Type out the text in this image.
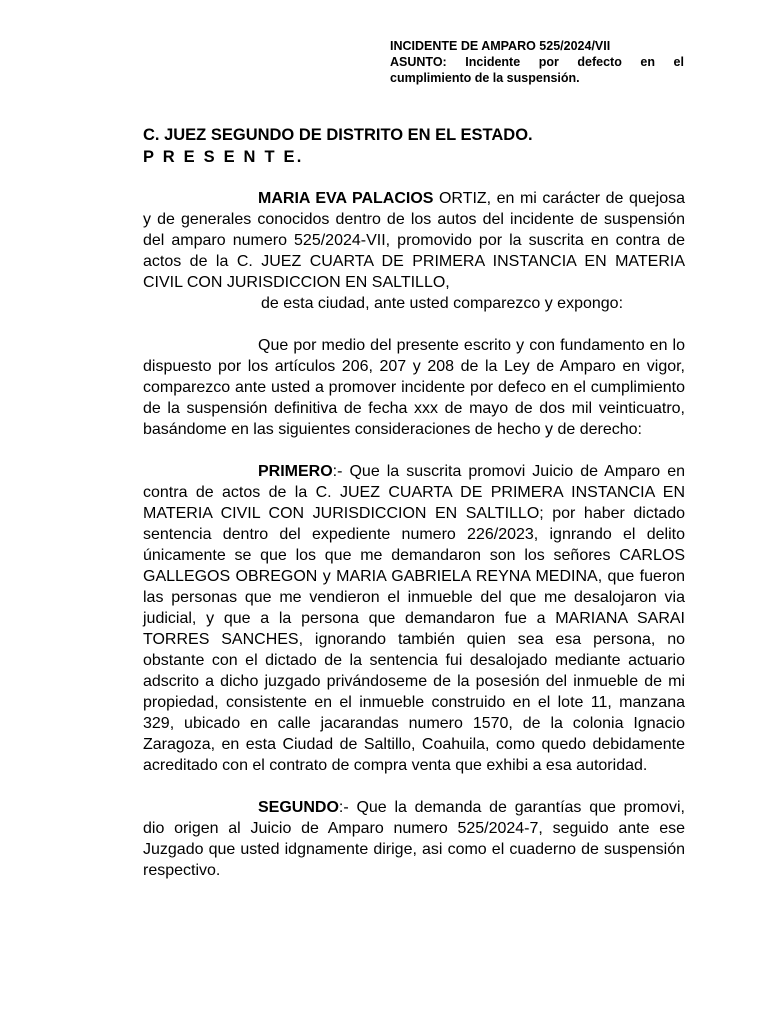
INCIDENTE DE AMPARO 525/2024/VII
ASUNTO: Incidente por defecto en el cumplimiento de la suspensión.
C. JUEZ SEGUNDO DE DISTRITO EN EL ESTADO.
P R E S E N T E.

MARIA EVA PALACIOS ORTIZ, en mi carácter de quejosa y de generales conocidos dentro de los autos del incidente de suspensión del amparo numero 525/2024-VII, promovido por la suscrita en contra de actos de la C. JUEZ CUARTA DE PRIMERA INSTANCIA EN MATERIA CIVIL CON JURISDICCION EN SALTILLO,

de esta ciudad, ante usted comparezco y expongo:

Que por medio del presente escrito y con fundamento en lo dispuesto por los artículos 206, 207 y 208 de la Ley de Amparo en vigor, comparezco ante usted a promover incidente por defeco en el cumplimiento de la suspensión definitiva de fecha xxx de mayo de dos mil veinticuatro, basándome en las siguientes consideraciones de hecho y de derecho:

PRIMERO:- Que la suscrita promovi Juicio de Amparo en contra de actos de la C. JUEZ CUARTA DE PRIMERA INSTANCIA EN MATERIA CIVIL CON JURISDICCION EN SALTILLO; por haber dictado sentencia dentro del expediente numero 226/2023, ignrando el delito únicamente se que los que me demandaron son los señores CARLOS GALLEGOS OBREGON y MARIA GABRIELA REYNA MEDINA, que fueron las personas que me vendieron el inmueble del que me desalojaron via judicial, y que a la persona que demandaron fue a MARIANA SARAI TORRES SANCHES, ignorando también quien sea esa persona, no obstante con el dictado de la sentencia fui desalojado mediante actuario adscrito a dicho juzgado privándoseme de la posesión del inmueble de mi propiedad, consistente en el inmueble construido en el lote 11, manzana 329, ubicado en calle jacarandas numero 1570, de la colonia Ignacio Zaragoza, en esta Ciudad de Saltillo, Coahuila, como quedo debidamente acreditado con el contrato de compra venta que exhibi a esa autoridad.

SEGUNDO:- Que la demanda de garantías que promovi, dio origen al Juicio de Amparo numero 525/2024-7, seguido ante ese Juzgado que usted idgnamente dirige, asi como el cuaderno de suspensión respectivo.
